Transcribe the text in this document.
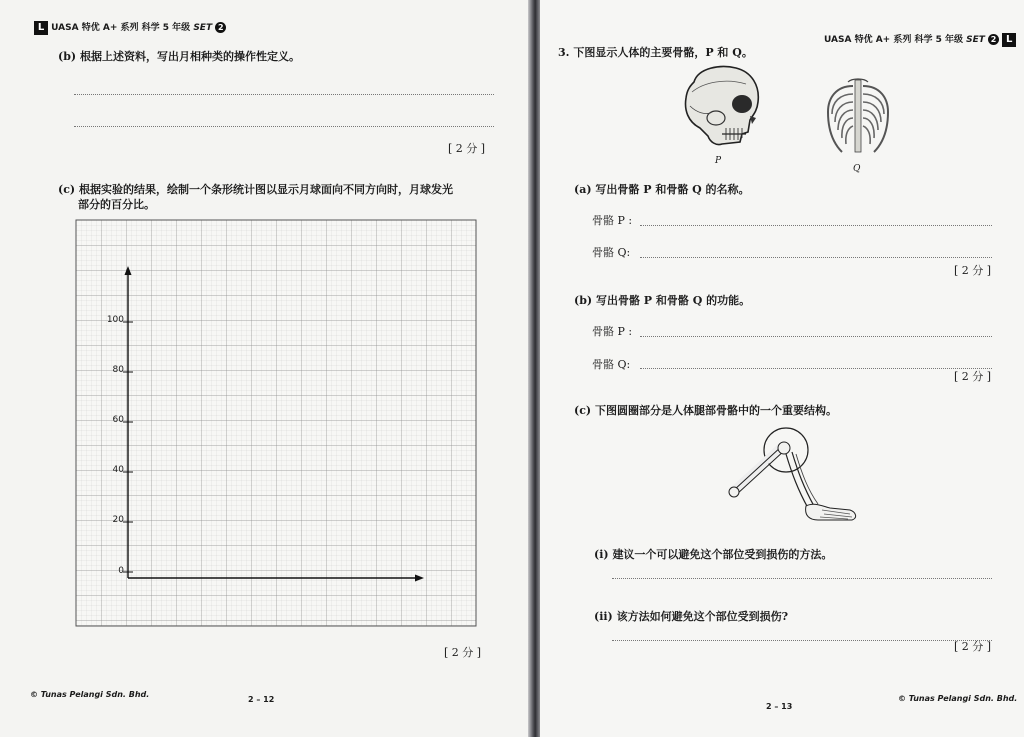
L UASA 特优 A+ 系列 科学 5 年级 SET 2
(b) 根据上述资料，写出月相种类的操作性定义。
[ 2 分 ]
(c) 根据实验的结果，绘制一个条形统计图以显示月球面向不同方向时，月球发光
部分的百分比。
100
80
60
40
20
0
[ 2 分 ]
© Tunas Pelangi Sdn. Bhd.
2 – 12
UASA 特优 A+ 系列 科学 5 年级 SET 2 L
3. 下图显示人体的主要骨骼，P 和 Q。
P
Q
(a) 写出骨骼 P 和骨骼 Q 的名称。
骨骼 P :
骨骼 Q:
[ 2 分 ]
(b) 写出骨骼 P 和骨骼 Q 的功能。
骨骼 P :
骨骼 Q:
[ 2 分 ]
(c) 下图圆圈部分是人体腿部骨骼中的一个重要结构。
(i) 建议一个可以避免这个部位受到损伤的方法。
(ii) 该方法如何避免这个部位受到损伤?
[ 2 分 ]
2 – 13
© Tunas Pelangi Sdn. Bhd.
